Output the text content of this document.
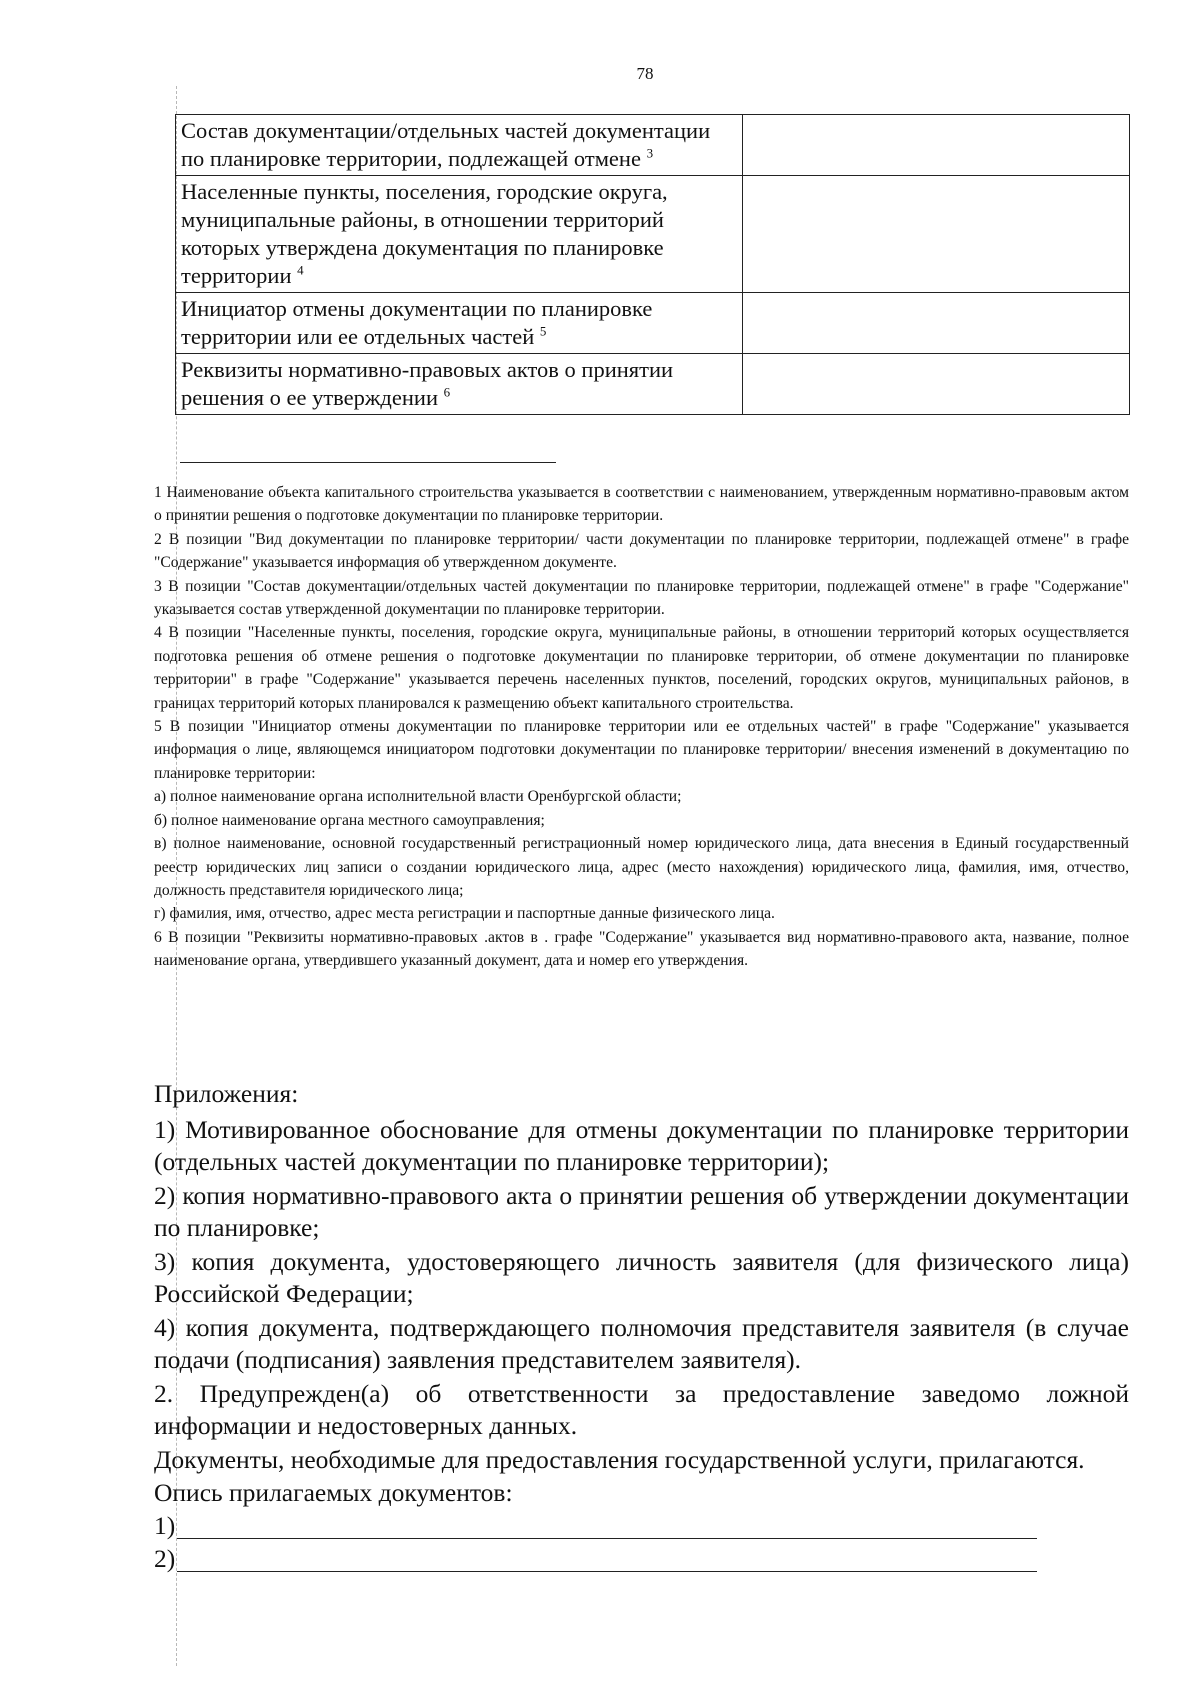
78
Состав документации/отдельных частей документации по планировке территории, подлежащей отмене $^3$	
Населенные пункты, поселения, городские округа, муниципальные районы, в отношении территорий которых утверждена документация по планировке территории $^4$	
Инициатор отмены документации по планировке территории или ее отдельных частей $^5$	
Реквизиты нормативно-правовых актов о принятии решения о ее утверждении $^6$	

1 Наименование объекта капитального строительства указывается в соответствии с наименованием, утвержденным нормативно-правовым актом о принятии решения о подготовке документации по планировке территории.

2 В позиции "Вид документации по планировке территории/ части документации по планировке территории, подлежащей отмене" в графе "Содержание" указывается информация об утвержденном документе.

3 В позиции "Состав документации/отдельных частей документации по планировке территории, подлежащей отмене" в графе "Содержание" указывается состав утвержденной документации по планировке территории.

4 В позиции "Населенные пункты, поселения, городские округа, муниципальные районы, в отношении территорий которых осуществляется подготовка решения об отмене решения о подготовке документации по планировке территории, об отмене документации по планировке территории" в графе "Содержание" указывается перечень населенных пунктов, поселений, городских округов, муниципальных районов, в границах территорий которых планировался к размещению объект капитального строительства.

5 В позиции "Инициатор отмены документации по планировке территории или ее отдельных частей" в графе "Содержание" указывается информация о лице, являющемся инициатором подготовки документации по планировке территории/ внесения изменений в документацию по планировке территории:

а) полное наименование органа исполнительной власти Оренбургской области;

б) полное наименование органа местного самоуправления;

в) полное наименование, основной государственный регистрационный номер юридического лица, дата внесения в Единый государственный реестр юридических лиц записи о создании юридического лица, адрес (место нахождения) юридического лица, фамилия, имя, отчество, должность представителя юридического лица;

г) фамилия, имя, отчество, адрес места регистрации и паспортные данные физического лица.

6 В позиции "Реквизиты нормативно-правовых .актов в . графе "Содержание" указывается вид нормативно-правового акта, название, полное наименование органа, утвердившего указанный документ, дата и номер его утверждения.

Приложения:

1) Мотивированное обоснование для отмены документации по планировке территории (отдельных частей документации по планировке территории);

2) копия нормативно-правового акта о принятии решения об утверждении документации по планировке;

3) копия документа, удостоверяющего личность заявителя (для физического лица) Российской Федерации;

4) копия документа, подтверждающего полномочия представителя заявителя (в случае подачи (подписания) заявления представителем заявителя).

2. Предупрежден(а) об ответственности за предоставление заведомо ложной информации и недостоверных данных.

Документы, необходимые для предоставления государственной услуги, прилагаются.

Опись прилагаемых документов:

1)
2)
